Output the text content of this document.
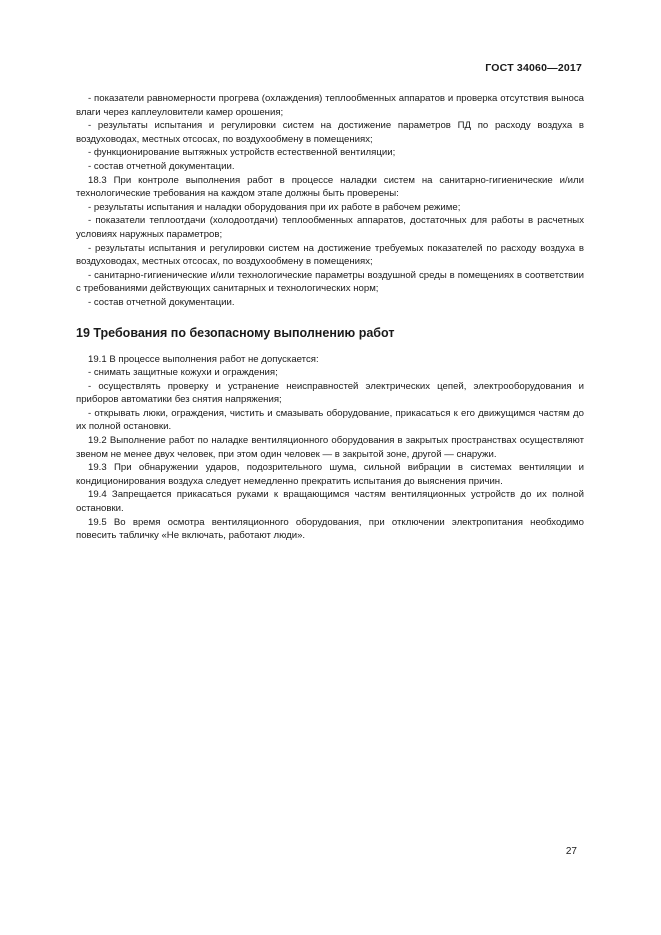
ГОСТ 34060—2017

- показатели равномерности прогрева (охлаждения) теплообменных аппаратов и проверка отсутствия выноса влаги через каплеуловители камер орошения;

- результаты испытания и регулировки систем на достижение параметров ПД по расходу воздуха в воздуховодах, местных отсосах, по воздухообмену в помещениях;

- функционирование вытяжных устройств естественной вентиляции;

- состав отчетной документации.

18.3 При контроле выполнения работ в процессе наладки систем на санитарно-гигиенические и/или технологические требования на каждом этапе должны быть проверены:

- результаты испытания и наладки оборудования при их работе в рабочем режиме;

- показатели теплоотдачи (холодоотдачи) теплообменных аппаратов, достаточных для работы в расчетных условиях наружных параметров;

- результаты испытания и регулировки систем на достижение требуемых показателей по расходу воздуха в воздуховодах, местных отсосах, по воздухообмену в помещениях;

- санитарно-гигиенические и/или технологические параметры воздушной среды в помещениях в соответствии с требованиями действующих санитарных и технологических норм;

- состав отчетной документации.

19 Требования по безопасному выполнению работ

19.1 В процессе выполнения работ не допускается:

- снимать защитные кожухи и ограждения;

- осуществлять проверку и устранение неисправностей электрических цепей, электрооборудования и приборов автоматики без снятия напряжения;

- открывать люки, ограждения, чистить и смазывать оборудование, прикасаться к его движущимся частям до их полной остановки.

19.2 Выполнение работ по наладке вентиляционного оборудования в закрытых пространствах осуществляют звеном не менее двух человек, при этом один человек — в закрытой зоне, другой — снаружи.

19.3 При обнаружении ударов, подозрительного шума, сильной вибрации в системах вентиляции и кондиционирования воздуха следует немедленно прекратить испытания до выяснения причин.

19.4 Запрещается прикасаться руками к вращающимся частям вентиляционных устройств до их полной остановки.

19.5 Во время осмотра вентиляционного оборудования, при отключении электропитания необходимо повесить табличку «Не включать, работают люди».

27
